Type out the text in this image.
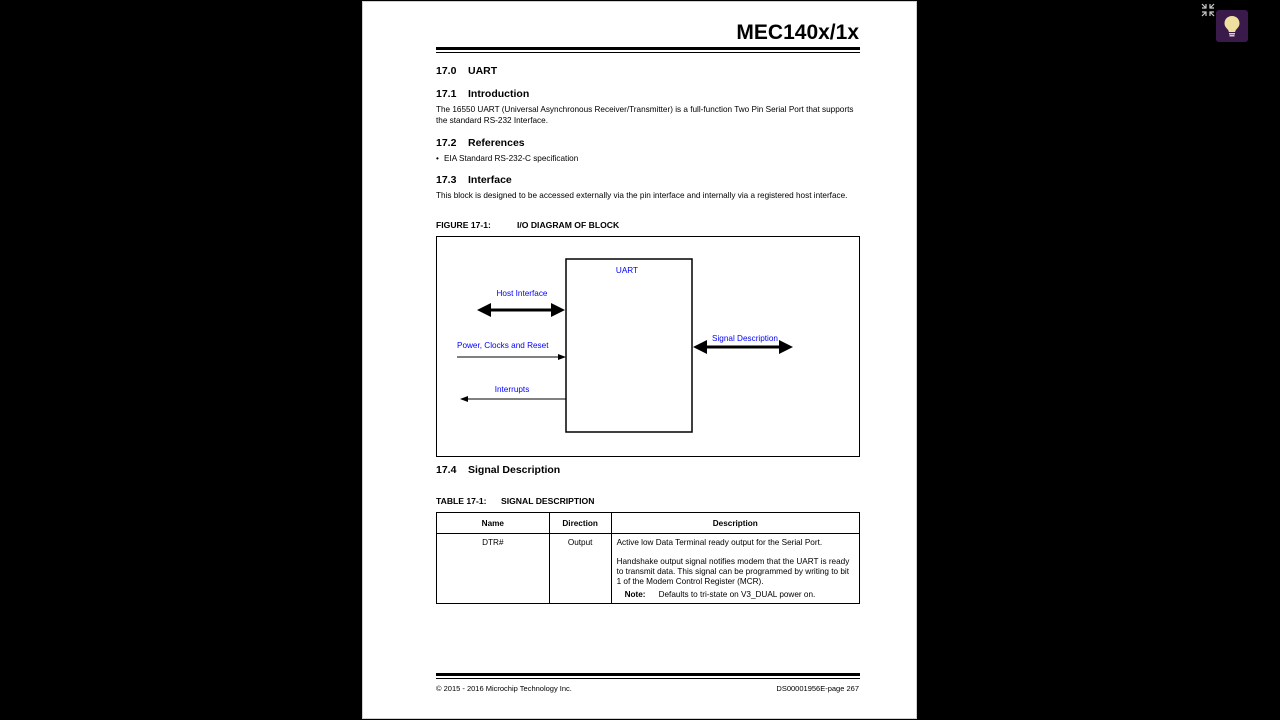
MEC140x/1x
17.0 UART
17.1 Introduction
The 16550 UART (Universal Asynchronous Receiver/Transmitter) is a full-function Two Pin Serial Port that supports the standard RS-232 Interface.
17.2 References
• EIA Standard RS-232-C specification
17.3 Interface
This block is designed to be accessed externally via the pin interface and internally via a registered host interface.
FIGURE 17-1:	I/O DIAGRAM OF BLOCK
UART
Host Interface
Power, Clocks and Reset
Interrupts
Signal Description
17.4 Signal Description
TABLE 17-1: SIGNAL DESCRIPTION
Name	Direction	Description
DTR#	Output	Active low Data Terminal ready output for the Serial Port.
Handshake output signal notifies modem that the UART is ready to transmit data. This signal can be programmed by writing to bit 1 of the Modem Control Register (MCR).
Note: Defaults to tri-state on V3_DUAL power on.
© 2015 - 2016 Microchip Technology Inc.	DS00001956E-page 267
